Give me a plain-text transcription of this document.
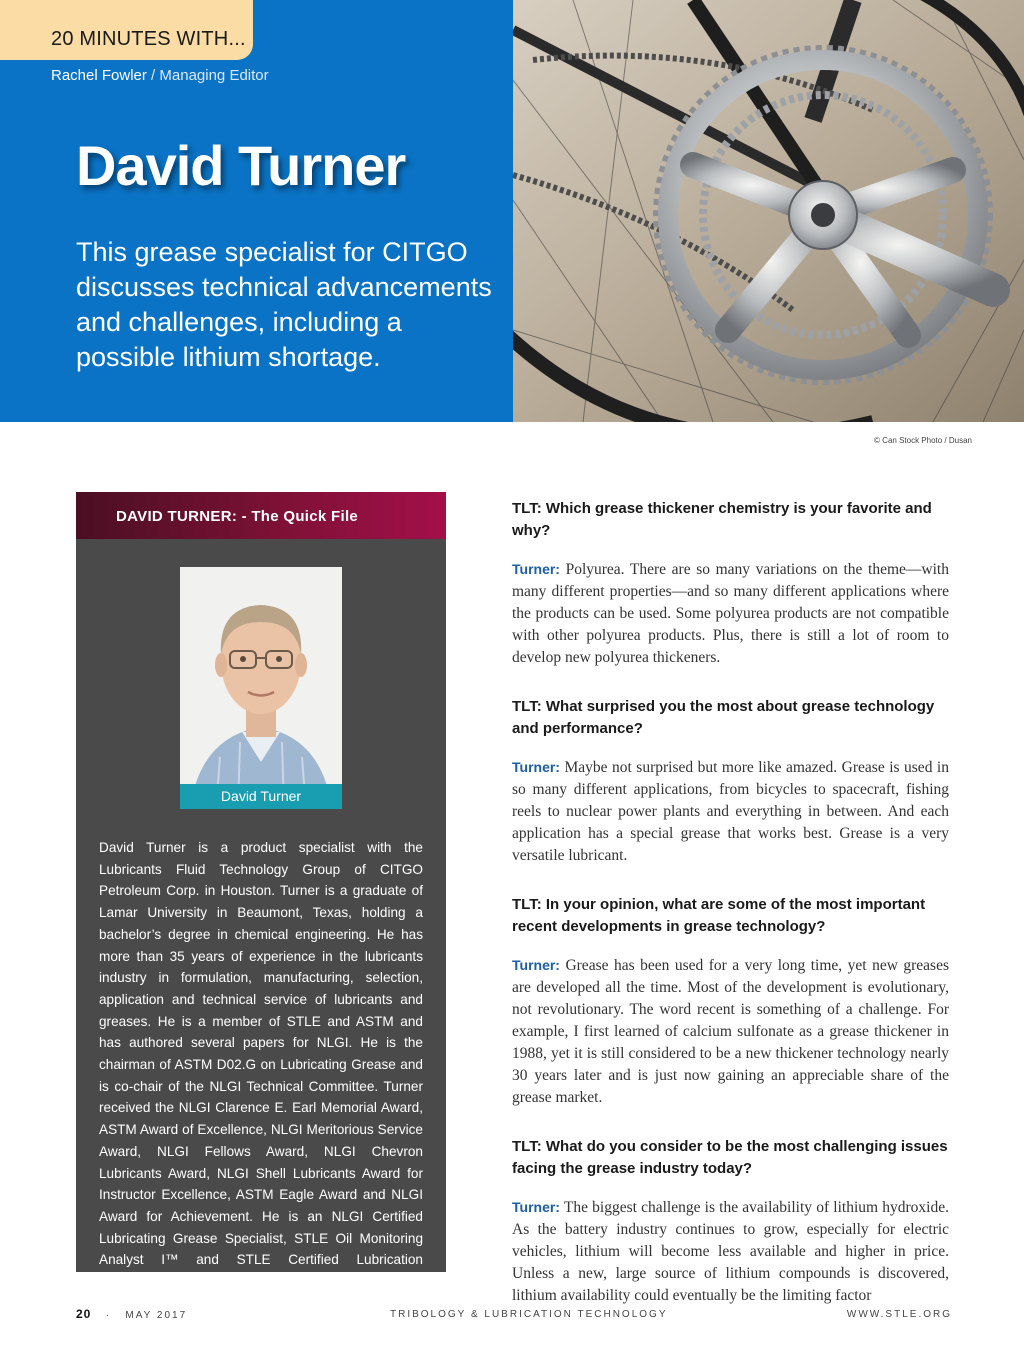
20 MINUTES WITH...
Rachel Fowler / Managing Editor
David Turner
This grease specialist for CITGO discusses technical advancements and challenges, including a possible lithium shortage.
© Can Stock Photo / Dusan
DAVID TURNER: - The Quick File
David Turner

David Turner is a product specialist with the Lubricants Fluid Technology Group of CITGO Petroleum Corp. in Houston. Turner is a graduate of Lamar University in Beaumont, Texas, holding a bachelor’s degree in chemical engineering. He has more than 35 years of experience in the lubricants industry in formulation, manufacturing, selection, application and technical service of lubricants and greases. He is a member of STLE and ASTM and has authored several papers for NLGI. He is the chairman of ASTM D02.G on Lubricating Grease and is co-chair of the NLGI Technical Committee. Turner received the NLGI Clarence E. Earl Memorial Award, ASTM Award of Excellence, NLGI Meritorious Service Award, NLGI Fellows Award, NLGI Chevron Lubricants Award, NLGI Shell Lubricants Award for Instructor Excellence, ASTM Eagle Award and NLGI Award for Achievement. He is an NLGI Certified Lubricating Grease Specialist, STLE Oil Monitoring Analyst I™ and STLE Certified Lubrication Specialist™.

TLT: Which grease thickener chemistry is your favorite and why?

Turner: Polyurea. There are so many variations on the theme—with many different properties—and so many different applications where the products can be used. Some polyurea products are not compatible with other polyurea products. Plus, there is still a lot of room to develop new polyurea thickeners.

TLT: What surprised you the most about grease technology and performance?

Turner: Maybe not surprised but more like amazed. Grease is used in so many different applications, from bicycles to spacecraft, fishing reels to nuclear power plants and everything in between. And each application has a special grease that works best. Grease is a very versatile lubricant.

TLT: In your opinion, what are some of the most important recent developments in grease technology?

Turner: Grease has been used for a very long time, yet new greases are developed all the time. Most of the development is evolutionary, not revolutionary. The word recent is something of a challenge. For example, I first learned of calcium sulfonate as a grease thickener in 1988, yet it is still considered to be a new thickener technology nearly 30 years later and is just now gaining an appreciable share of the grease market.

TLT: What do you consider to be the most challenging issues facing the grease industry today?

Turner: The biggest challenge is the availability of lithium hydroxide. As the battery industry continues to grow, especially for electric vehicles, lithium will become less available and higher in price. Unless a new, large source of lithium compounds is discovered, lithium availability could eventually be the limiting factor

20 · MAY 2017	TRIBOLOGY & LUBRICATION TECHNOLOGY	WWW.STLE.ORG
